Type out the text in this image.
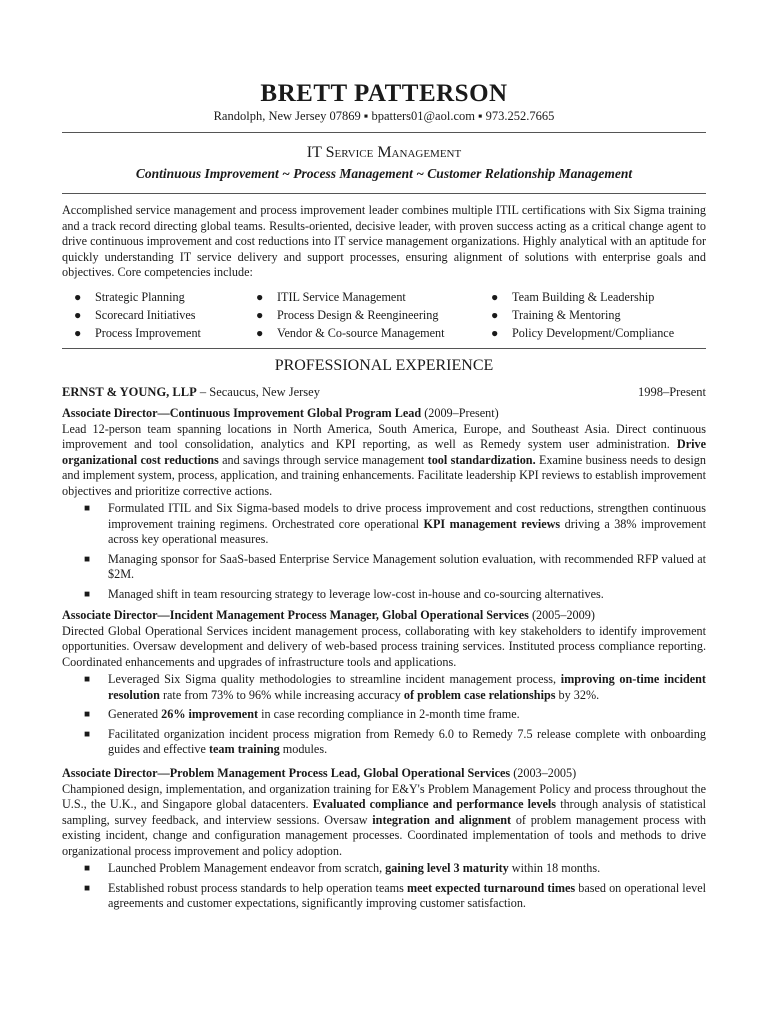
BRETT PATTERSON
Randolph, New Jersey 07869 ▪ bpatters01@aol.com ▪ 973.252.7665
IT Service Management
Continuous Improvement ~ Process Management ~ Customer Relationship Management

Accomplished service management and process improvement leader combines multiple ITIL certifications with Six Sigma training and a track record directing global teams. Results-oriented, decisive leader, with proven success acting as a critical change agent to drive continuous improvement and cost reductions into IT service management organizations. Highly analytical with an aptitude for quickly understanding IT service delivery and support processes, ensuring alignment of solutions with enterprise goals and objectives. Core competencies include:

● Strategic Planning
● Scorecard Initiatives
● Process Improvement
● ITIL Service Management
● Process Design & Reengineering
● Vendor & Co-source Management
● Team Building & Leadership
● Training & Mentoring
● Policy Development/Compliance
PROFESSIONAL EXPERIENCE
ERNST & YOUNG, LLP – Secaucus, New Jersey	1998–Present

Associate Director—Continuous Improvement Global Program Lead (2009–Present)

Lead 12-person team spanning locations in North America, South America, Europe, and Southeast Asia. Direct continuous improvement and tool consolidation, analytics and KPI reporting, as well as Remedy system user administration. Drive organizational cost reductions and savings through service management tool standardization. Examine business needs to design and implement system, process, application, and training enhancements. Facilitate leadership KPI reviews to establish improvement objectives and prioritize corrective actions.

■ Formulated ITIL and Six Sigma-based models to drive process improvement and cost reductions, strengthen continuous improvement training regimens. Orchestrated core operational KPI management reviews driving a 38% improvement across key operational measures.
■ Managing sponsor for SaaS-based Enterprise Service Management solution evaluation, with recommended RFP valued at $2M.
■ Managed shift in team resourcing strategy to leverage low-cost in-house and co-sourcing alternatives.

Associate Director—Incident Management Process Manager, Global Operational Services (2005–2009)

Directed Global Operational Services incident management process, collaborating with key stakeholders to identify improvement opportunities. Oversaw development and delivery of web-based process training services. Instituted process compliance reporting. Coordinated enhancements and upgrades of infrastructure tools and applications.

■ Leveraged Six Sigma quality methodologies to streamline incident management process, improving on-time incident resolution rate from 73% to 96% while increasing accuracy of problem case relationships by 32%.
■ Generated 26% improvement in case recording compliance in 2-month time frame.
■ Facilitated organization incident process migration from Remedy 6.0 to Remedy 7.5 release complete with onboarding guides and effective team training modules.

Associate Director—Problem Management Process Lead, Global Operational Services (2003–2005)

Championed design, implementation, and organization training for E&Y's Problem Management Policy and process throughout the U.S., the U.K., and Singapore global datacenters. Evaluated compliance and performance levels through analysis of statistical sampling, survey feedback, and interview sessions. Oversaw integration and alignment of problem management process with existing incident, change and configuration management processes. Coordinated implementation of tools and methods to drive organizational process improvement and policy adoption.

■ Launched Problem Management endeavor from scratch, gaining level 3 maturity within 18 months.
■ Established robust process standards to help operation teams meet expected turnaround times based on operational level agreements and customer expectations, significantly improving customer satisfaction.
